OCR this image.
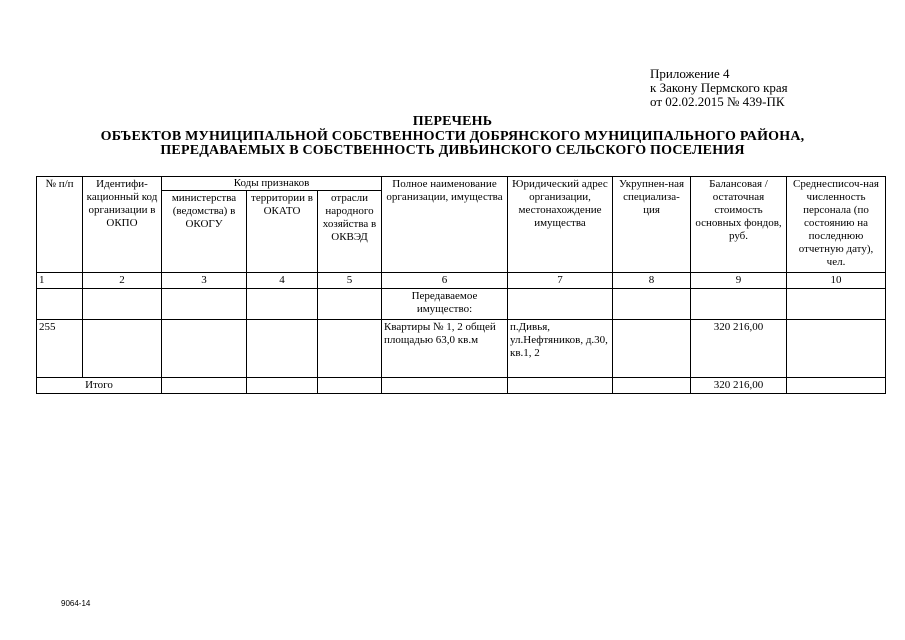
Приложение 4
к Закону Пермского края
от 02.02.2015 № 439-ПК
ПЕРЕЧЕНЬ
ОБЪЕКТОВ МУНИЦИПАЛЬНОЙ СОБСТВЕННОСТИ ДОБРЯНСКОГО МУНИЦИПАЛЬНОГО РАЙОНА,
ПЕРЕДАВАЕМЫХ В СОБСТВЕННОСТЬ ДИВЬИНСКОГО СЕЛЬСКОГО ПОСЕЛЕНИЯ
№ п/п	Идентифи-кационный код организации в ОКПО	Коды признаков			Полное наименование организации, имущества	Юридический адрес организации, местонахождение имущества	Укрупнен-ная специализа-ция	Балансовая / остаточная стоимость основных фондов, руб.	Среднесписоч-ная численность персонала (по состоянию на последнюю отчетную дату), чел.
		министерства (ведомства) в ОКОГУ	территории в ОКАТО	отрасли народного хозяйства в ОКВЭД					
1	2	3	4	5	6	7	8	9	10
					Передаваемое имущество:				
255					Квартиры № 1, 2 общей площадью 63,0 кв.м	п.Дивья, ул.Нефтяников, д.30, кв.1, 2		320 216,00	
Итого								320 216,00	
9064-14
